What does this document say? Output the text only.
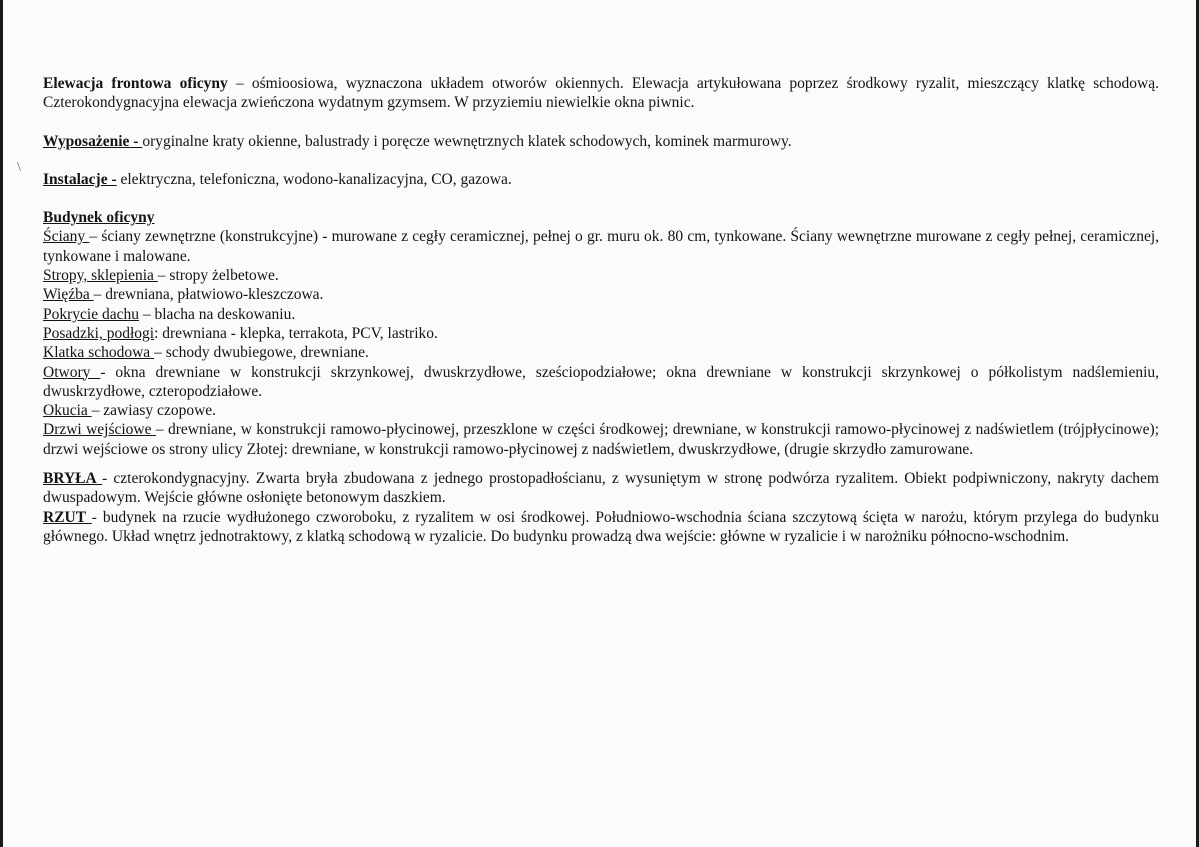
\

Elewacja frontowa oficyny – ośmioosiowa, wyznaczona układem otworów okiennych. Elewacja artykułowana poprzez środkowy ryzalit, mieszczący klatkę schodową. Czterokondygnacyjna elewacja zwieńczona wydatnym gzymsem. W przyziemiu niewielkie okna piwnic.

Wyposażenie - oryginalne kraty okienne, balustrady i poręcze wewnętrznych klatek schodowych, kominek marmurowy.

Instalacje - elektryczna, telefoniczna, wodono-kanalizacyjna, CO, gazowa.

Budynek oficyny

Ściany – ściany zewnętrzne (konstrukcyjne) - murowane z cegły ceramicznej, pełnej o gr. muru ok. 80 cm, tynkowane. Ściany wewnętrzne murowane z cegły pełnej, ceramicznej, tynkowane i malowane.

Stropy, sklepienia – stropy żelbetowe.

Więźba – drewniana, płatwiowo-kleszczowa.

Pokrycie dachu – blacha na deskowaniu.

Posadzki, podłogi: drewniana - klepka, terrakota, PCV, lastriko.

Klatka schodowa – schody dwubiegowe, drewniane.

Otwory - okna drewniane w konstrukcji skrzynkowej, dwuskrzydłowe, sześciopodziałowe; okna drewniane w konstrukcji skrzynkowej o półkolistym nadślemieniu, dwuskrzydłowe, czteropodziałowe.

Okucia – zawiasy czopowe.

Drzwi wejściowe – drewniane, w konstrukcji ramowo-płycinowej, przeszklone w części środkowej; drewniane, w konstrukcji ramowo-płycinowej z nadświetlem (trójpłycinowe); drzwi wejściowe os strony ulicy Złotej: drewniane, w konstrukcji ramowo-płycinowej z nadświetlem, dwuskrzydłowe, (drugie skrzydło zamurowane.

BRYŁA - czterokondygnacyjny. Zwarta bryła zbudowana z jednego prostopadłościanu, z wysuniętym w stronę podwórza ryzalitem. Obiekt podpiwniczony, nakryty dachem dwuspadowym. Wejście główne osłonięte betonowym daszkiem.

RZUT - budynek na rzucie wydłużonego czworoboku, z ryzalitem w osi środkowej. Południowo-wschodnia ściana szczytową ścięta w narożu, którym przylega do budynku głównego. Układ wnętrz jednotraktowy, z klatką schodową w ryzalicie. Do budynku prowadzą dwa wejście: główne w ryzalicie i w narożniku północno-wschodnim.
